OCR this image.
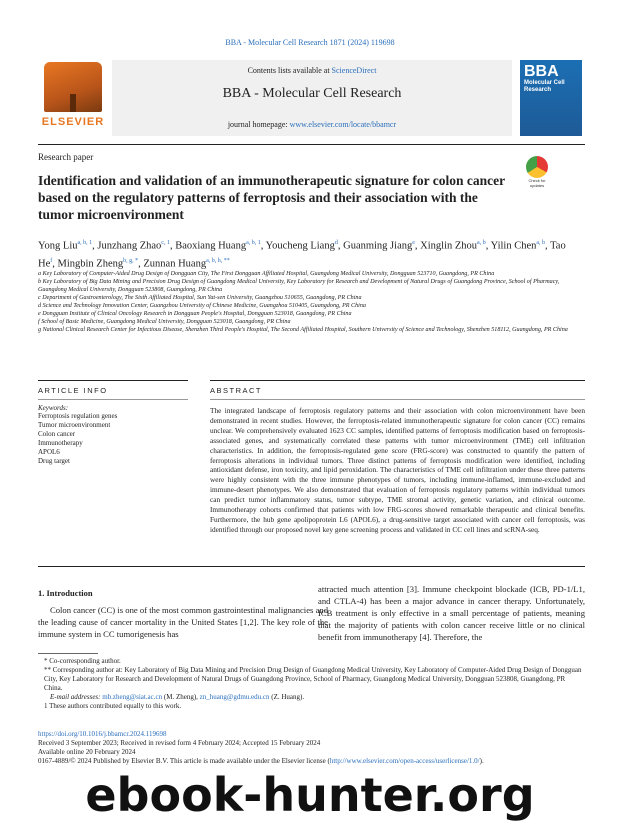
BBA - Molecular Cell Research 1871 (2024) 119698
ELSEVIER
Contents lists available at ScienceDirect
BBA - Molecular Cell Research
journal homepage: www.elsevier.com/locate/bbamcr
BBA
Molecular Cell Research
Research paper
Check for updates
Identification and validation of an immunotherapeutic signature for colon cancer based on the regulatory patterns of ferroptosis and their association with the tumor microenvironment
Yong Liu$^{a, b, 1}$, Junzhang Zhao$^{c, 1}$, Baoxiang Huang$^{a, b, 1}$, Youcheng Liang$^d$, Guanming Jiang$^e$, Xinglin Zhou$^{a, b}$, Yilin Chen$^{a, b}$, Tao He$^f$, Mingbin Zheng$^{b, g, *}$, Zunnan Huang$^{a, b, h, **}$
a Key Laboratory of Computer-Aided Drug Design of Dongguan City, The First Dongguan Affiliated Hospital, Guangdong Medical University, Dongguan 523710, Guangdong, PR China
b Key Laboratory of Big Data Mining and Precision Drug Design of Guangdong Medical University, Key Laboratory for Research and Development of Natural Drugs of Guangdong Province, School of Pharmacy, Guangdong Medical University, Dongguan 523808, Guangdong, PR China
c Department of Gastroenterology, The Sixth Affiliated Hospital, Sun Yat-sen University, Guangzhou 510655, Guangdong, PR China
d Science and Technology Innovation Center, Guangzhou University of Chinese Medicine, Guangzhou 510405, Guangdong, PR China
e Dongguan Institute of Clinical Oncology Research in Dongguan People's Hospital, Dongguan 523018, Guangdong, PR China
f School of Basic Medicine, Guangdong Medical University, Dongguan 523018, Guangdong, PR China
g National Clinical Research Center for Infectious Disease, Shenzhen Third People's Hospital, The Second Affiliated Hospital, Southern University of Science and Technology, Shenzhen 518112, Guangdong, PR China
ARTICLE INFO	ABSTRACT
Keywords:
Ferroptosis regulation genes
Tumor microenvironment
Colon cancer
Immunotherapy
APOL6
Drug target
The integrated landscape of ferroptosis regulatory patterns and their association with colon microenvironment have been demonstrated in recent studies. However, the ferroptosis-related immunotherapeutic signature for colon cancer (CC) remains unclear. We comprehensively evaluated 1623 CC samples, identified patterns of ferroptosis modification based on ferroptosis-associated genes, and systematically correlated these patterns with tumor microenvironment (TME) cell infiltration characteristics. In addition, the ferroptosis-regulated gene score (FRG-score) was constructed to quantify the pattern of ferroptosis alterations in individual tumors. Three distinct patterns of ferroptosis modification were identified, including antioxidant defense, iron toxicity, and lipid peroxidation. The characteristics of TME cell infiltration under these three patterns were highly consistent with the three immune phenotypes of tumors, including immune-inflamed, immune-excluded and immune-desert phenotypes. We also demonstrated that evaluation of ferroptosis regulatory patterns within individual tumors can predict tumor inflammatory status, tumor subtype, TME stromal activity, genetic variation, and clinical outcome. Immunotherapy cohorts confirmed that patients with low FRG-scores showed remarkable therapeutic and clinical benefits. Furthermore, the hub gene apolipoprotein L6 (APOL6), a drug-sensitive target associated with cancer cell ferroptosis, was identified through our proposed novel key gene screening process and validated in CC cell lines and scRNA-seq.
1. Introduction
Colon cancer (CC) is one of the most common gastrointestinal malignancies and the leading cause of cancer mortality in the United States [1,2]. The key role of the immune system in CC tumorigenesis has
attracted much attention [3]. Immune checkpoint blockade (ICB, PD-1/L1, and CTLA-4) has been a major advance in cancer therapy. Unfortunately, ICB treatment is only effective in a small percentage of patients, meaning that the majority of patients with colon cancer receive little or no clinical benefit from immunotherapy [4]. Therefore, the
* Co-corresponding author.
** Corresponding author at: Key Laboratory of Big Data Mining and Precision Drug Design of Guangdong Medical University, Key Laboratory of Computer-Aided Drug Design of Dongguan City, Key Laboratory for Research and Development of Natural Drugs of Guangdong Province, School of Pharmacy, Guangdong Medical University, Dongguan 523808, Guangdong, PR China.
E-mail addresses: mb.zheng@siat.ac.cn (M. Zheng), zn_huang@gdmu.edu.cn (Z. Huang).
1 These authors contributed equally to this work.
https://doi.org/10.1016/j.bbamcr.2024.119698
Received 3 September 2023; Received in revised form 4 February 2024; Accepted 15 February 2024
Available online 20 February 2024
0167-4889/© 2024 Published by Elsevier B.V. This article is made available under the Elsevier license (http://www.elsevier.com/open-access/userlicense/1.0/).
ebook-hunter.org
